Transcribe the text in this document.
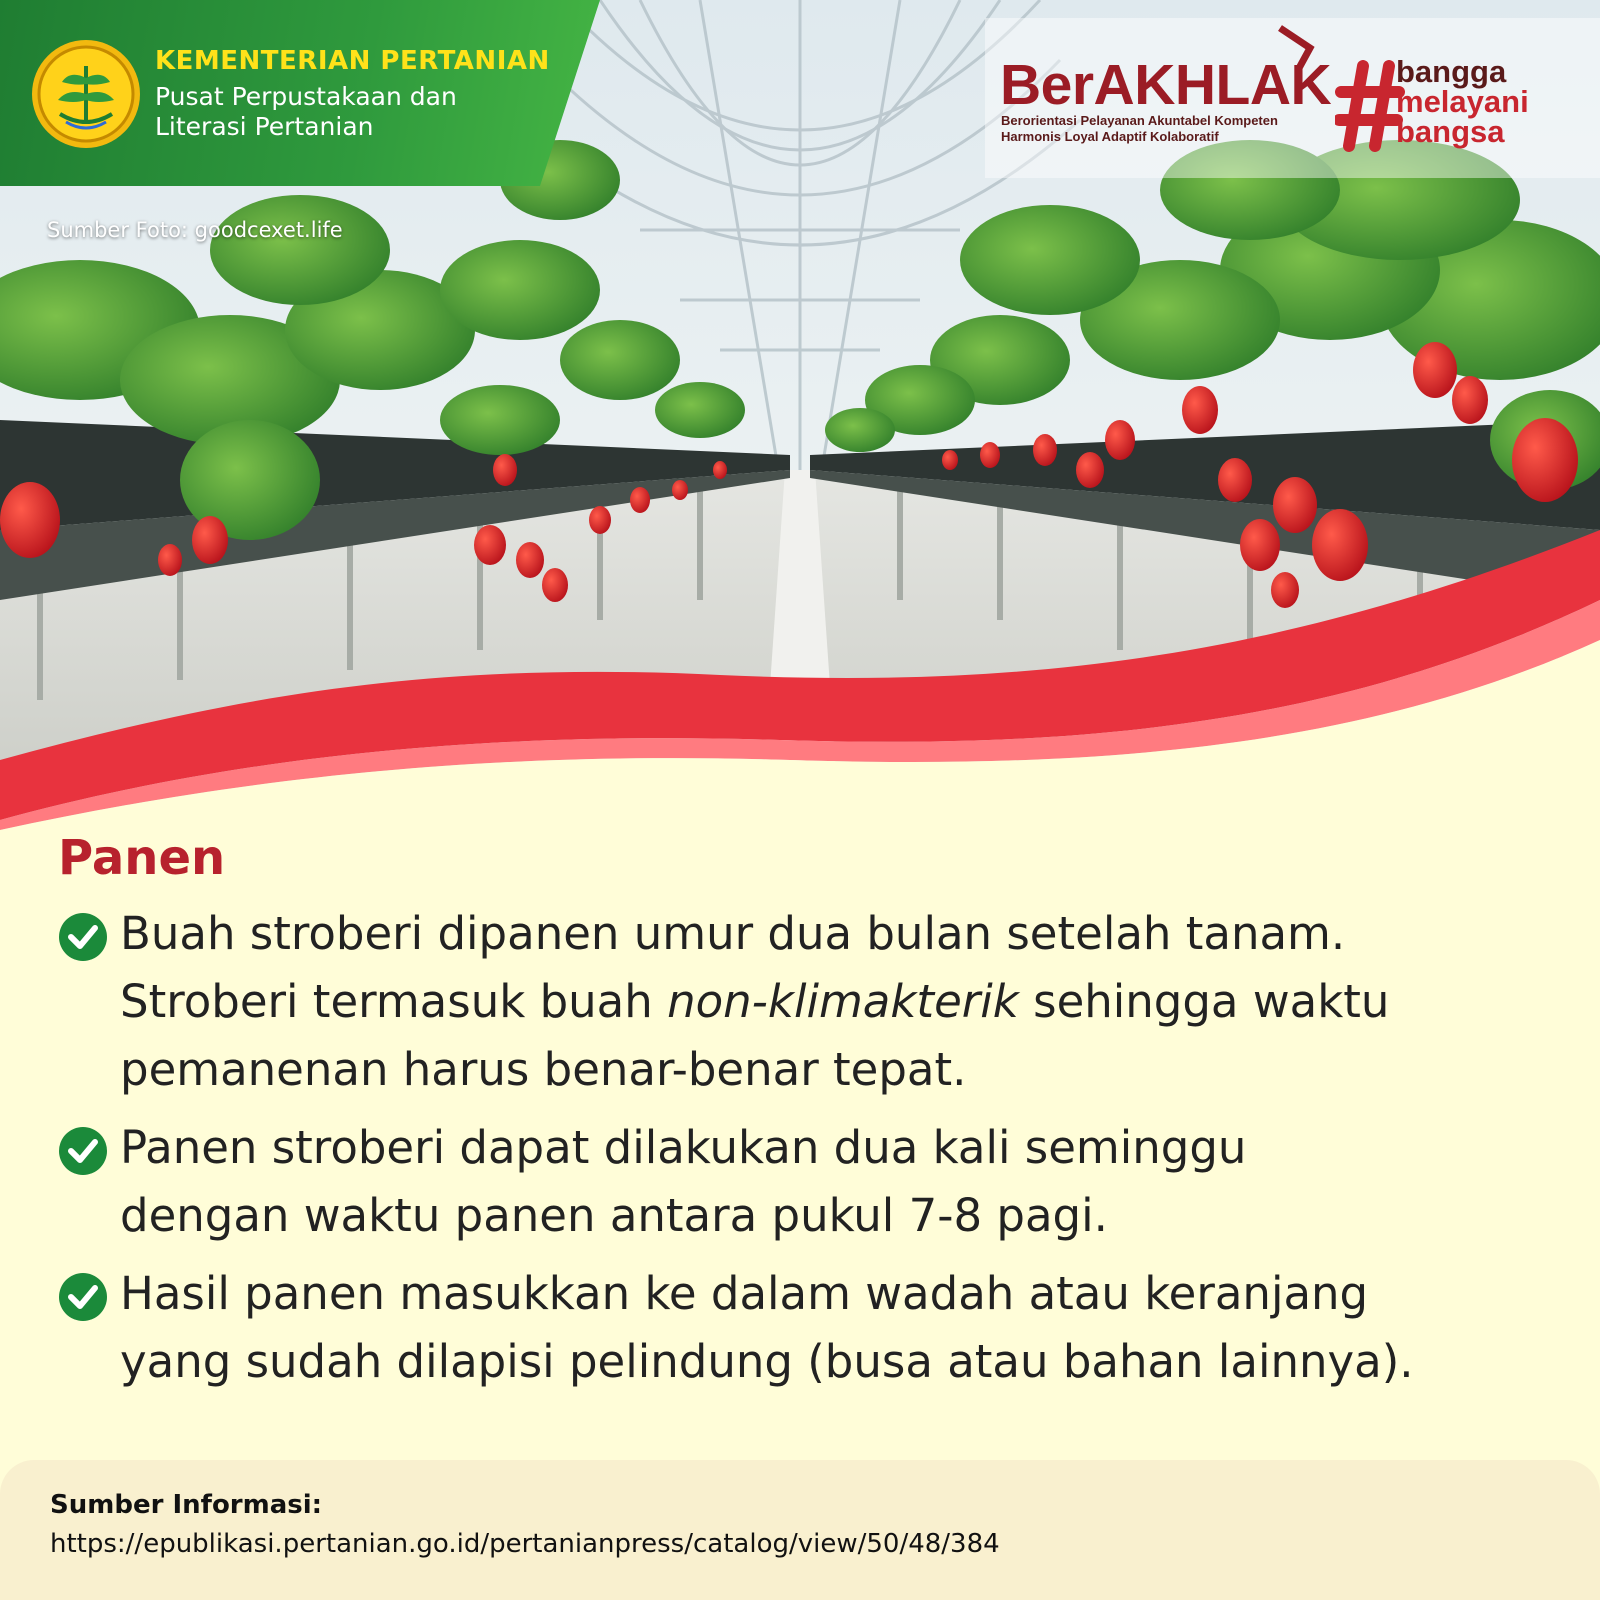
KEMENTERIAN PERTANIAN
Pusat Perpustakaan dan
Literasi Pertanian
Sumber Foto: goodcexet.life
BerAKHLAK
Berorientasi Pelayanan Akuntabel Kompeten
Harmonis Loyal Adaptif Kolaboratif
bangga
melayani
bangsa
Panen
Buah stroberi dipanen umur dua bulan setelah tanam.
Stroberi termasuk buah non-klimakterik sehingga waktu
pemanenan harus benar-benar tepat.
Panen stroberi dapat dilakukan dua kali seminggu
dengan waktu panen antara pukul 7-8 pagi.
Hasil panen masukkan ke dalam wadah atau keranjang
yang sudah dilapisi pelindung (busa atau bahan lainnya).
Sumber Informasi:
https://epublikasi.pertanian.go.id/pertanianpress/catalog/view/50/48/384
